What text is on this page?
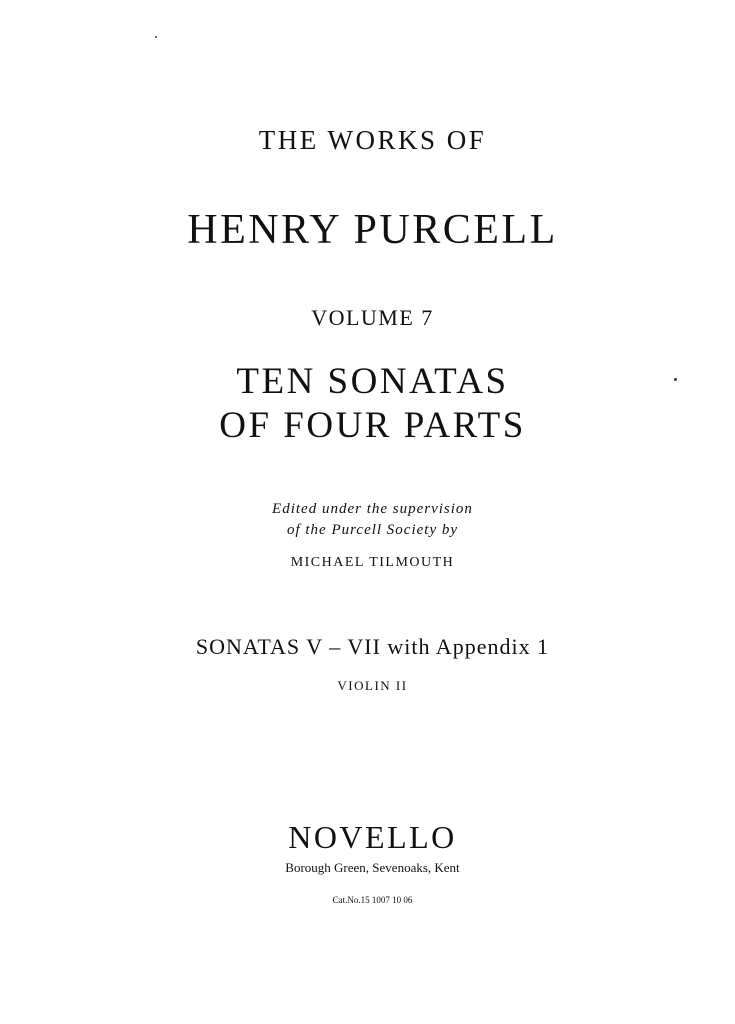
THE WORKS OF
HENRY PURCELL
VOLUME 7
TEN SONATAS
OF FOUR PARTS
Edited under the supervision
of the Purcell Society by
MICHAEL TILMOUTH
SONATAS V – VII with Appendix 1
VIOLIN II
NOVELLO
Borough Green, Sevenoaks, Kent
Cat.No.15 1007 10 06
